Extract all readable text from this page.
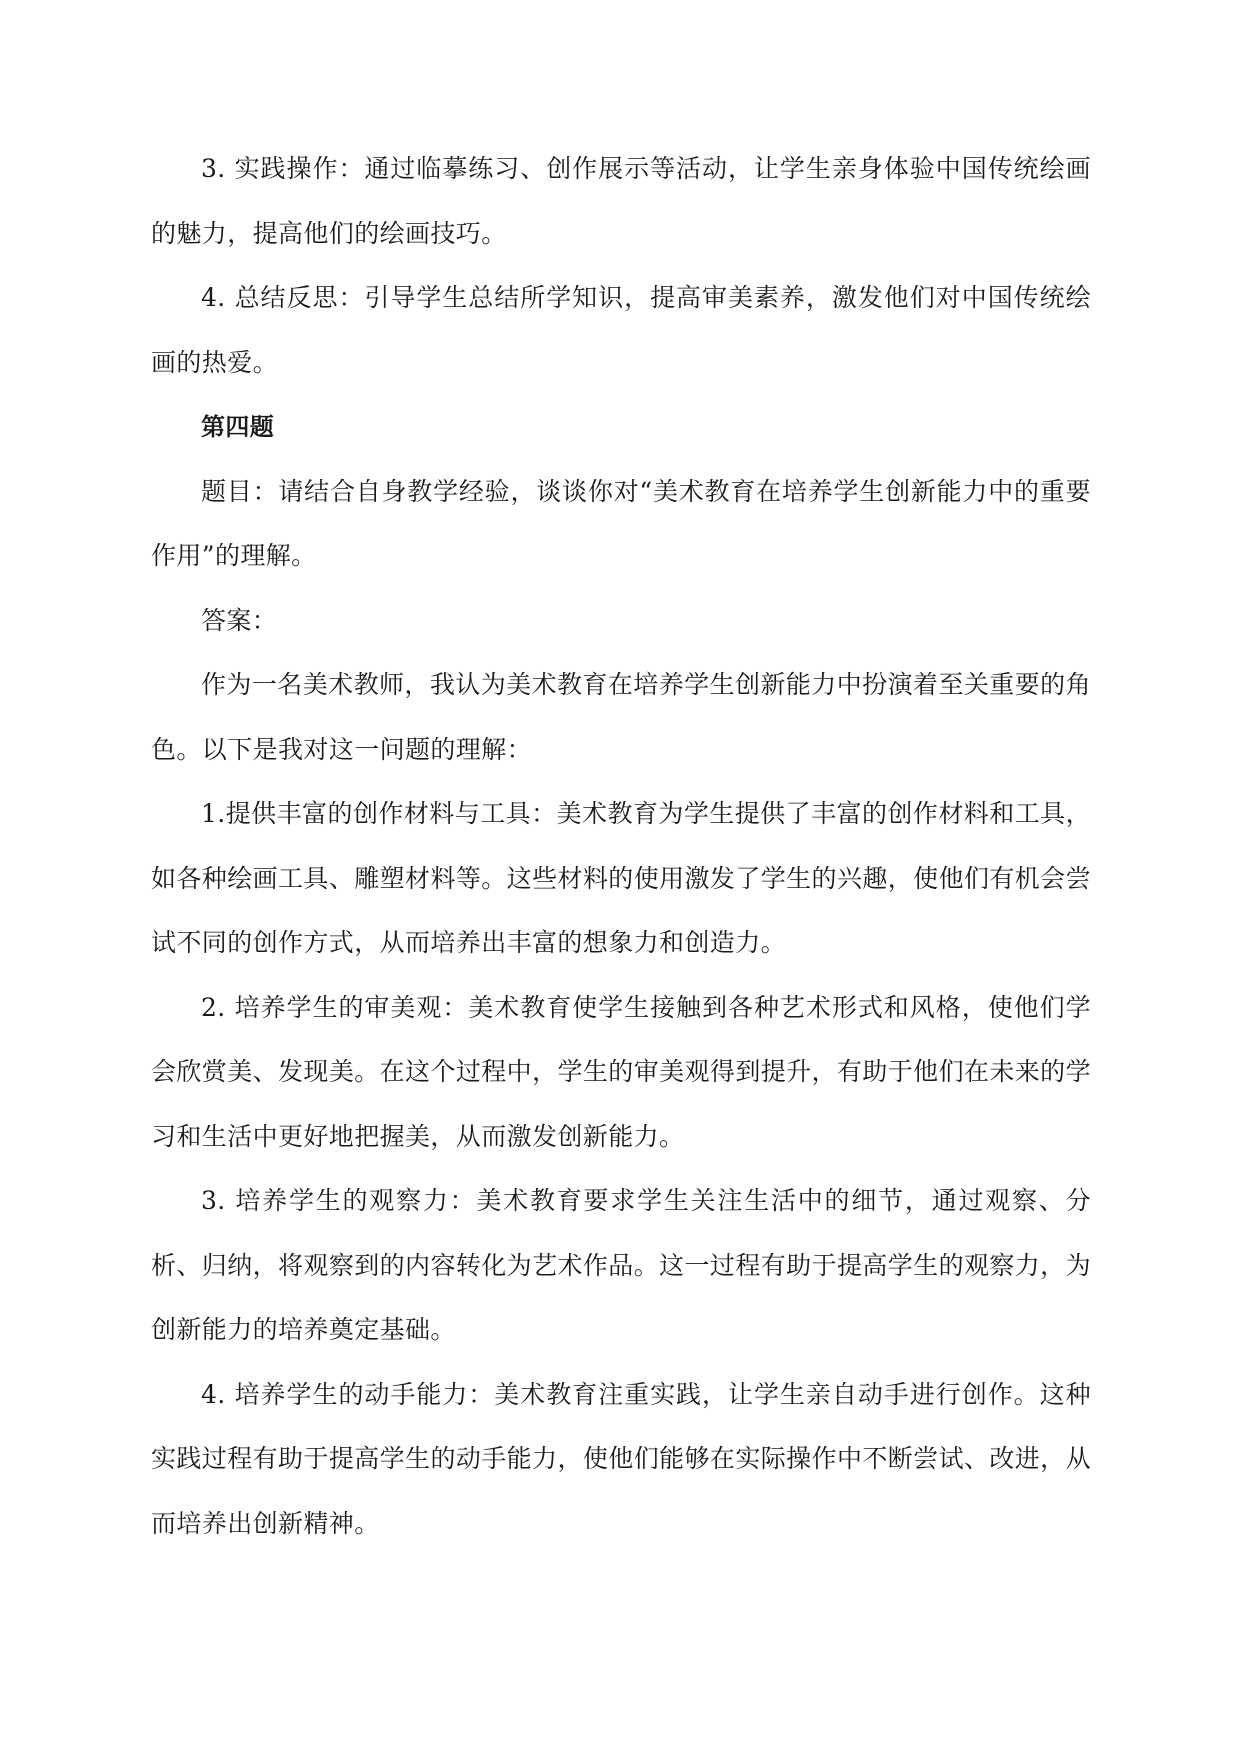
3. 实践操作：通过临摹练习、创作展示等活动，让学生亲身体验中国传统绘画的魅力，提高他们的绘画技巧。

4. 总结反思：引导学生总结所学知识，提高审美素养，激发他们对中国传统绘画的热爱。

第四题

题目：请结合自身教学经验，谈谈你对“美术教育在培养学生创新能力中的重要作用”的理解。

答案：

作为一名美术教师，我认为美术教育在培养学生创新能力中扮演着至关重要的角色。以下是我对这一问题的理解：

1.提供丰富的创作材料与工具：美术教育为学生提供了丰富的创作材料和工具，如各种绘画工具、雕塑材料等。这些材料的使用激发了学生的兴趣，使他们有机会尝试不同的创作方式，从而培养出丰富的想象力和创造力。

2. 培养学生的审美观：美术教育使学生接触到各种艺术形式和风格，使他们学会欣赏美、发现美。在这个过程中，学生的审美观得到提升，有助于他们在未来的学习和生活中更好地把握美，从而激发创新能力。

3. 培养学生的观察力：美术教育要求学生关注生活中的细节，通过观察、分析、归纳，将观察到的内容转化为艺术作品。这一过程有助于提高学生的观察力，为创新能力的培养奠定基础。

4. 培养学生的动手能力：美术教育注重实践，让学生亲自动手进行创作。这种实践过程有助于提高学生的动手能力，使他们能够在实际操作中不断尝试、改进，从而培养出创新精神。
